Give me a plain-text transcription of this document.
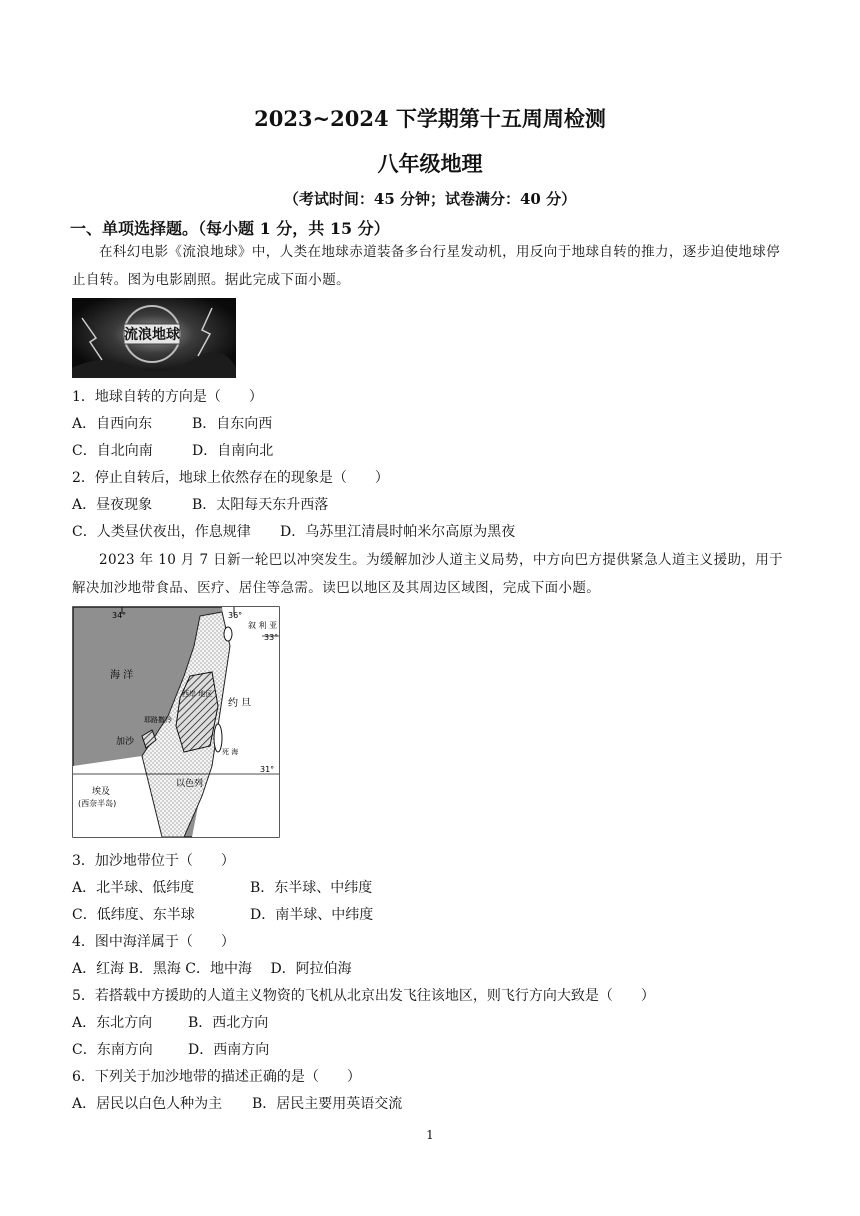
2023~2024 下学期第十五周周检测
八年级地理
（考试时间：45 分钟；试卷满分：40 分）
一、单项选择题。（每小题 1 分，共 15 分）
在科幻电影《流浪地球》中，人类在地球赤道装备多台行星发动机，用反向于地球自转的推力，逐步迫使地球停止自转。图为电影剧照。据此完成下面小题。
流浪地球
1．地球自转的方向是（　　）
A．自西向东	B．自东向西
C．自北向南	D．自南向北
2．停止自转后，地球上依然存在的现象是（　　）
A．昼夜现象	B．太阳每天东升西落
C．人类昼伏夜出，作息规律 D．乌苏里江清晨时帕米尔高原为黑夜
2023 年 10 月 7 日新一轮巴以冲突发生。为缓解加沙人道主义局势，中方向巴方提供紧急人道主义援助，用于解决加沙地带食品、医疗、居住等急需。读巴以地区及其周边区域图，完成下面小题。
34°	36°
33°
31°
海 洋
西岸 地区
耶路撒冷
加沙
约 旦
死 海
以色列
叙 利 亚
埃及
(西奈半岛)
3．加沙地带位于（　　）
A．北半球、低纬度	B．东半球、中纬度
C．低纬度、东半球	D．南半球、中纬度
4．图中海洋属于（　　）
A．红海 B．黑海 C．地中海　 D．阿拉伯海
5．若搭载中方援助的人道主义物资的飞机从北京出发飞往该地区，则飞行方向大致是（　　）
A．东北方向	B．西北方向
C．东南方向	D．西南方向
6．下列关于加沙地带的描述正确的是（　　）
A．居民以白色人种为主 B．居民主要用英语交流
1
